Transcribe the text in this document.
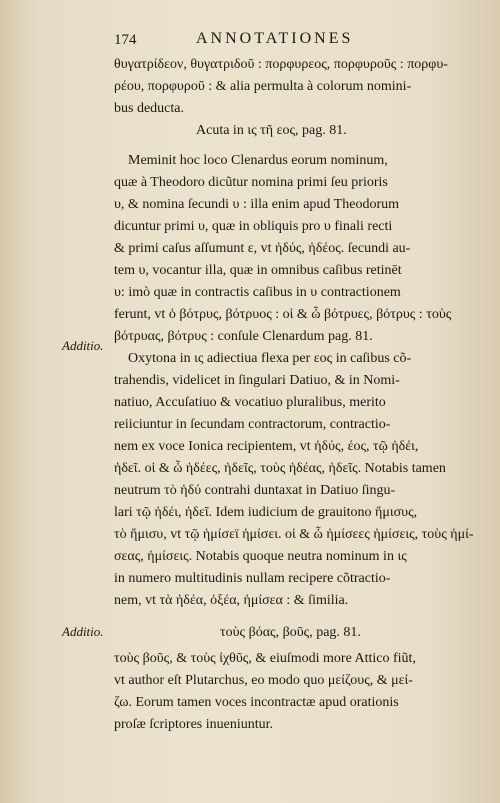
174	ANNOTATIONES
Additio.
Additio.
θυγατρίδεον, θυγατριδοῦ : πορφυρεος, πορφυροῦς : πορφυ-
ρέου, πορφυροῦ : & alia permulta à colorum nomini-
bus deducta.
Acuta in ις τῆ εος, pag. 81.
Meminit hoc loco Clenardus eorum nominum,
quæ à Theodoro dicũtur nomina primi ſeu prioris
υ, & nomina ſecundi υ : illa enim apud Theodorum
dicuntur primi υ, quæ in obliquis pro υ finali recti
& primi caſus aſſumunt ε, vt ἡδύς, ἡδέος. ſecundi au-
tem υ, vocantur illa, quæ in omnibus caſibus retinēt
υ: imò quæ in contractis caſibus in υ contractionem
ferunt, vt ὁ βότρυς, βότρυος : οἱ & ὦ βότρυες, βότρυς : τοὺς
βότρυας, βότρυς : conſule Clenardum pag. 81.
Oxytona in ις adiectiua flexa per εος in caſibus cõ-
trahendis, videlicet in ſingulari Datiuo, & in Nomi-
natiuo, Accuſatiuo & vocatiuo pluralibus, merito
reiiciuntur in ſecundam contractorum, contractio-
nem ex voce Ionica recipientem, vt ἡδύς, έος, τῷ ἡδέι,
ἡδεῖ. οἱ & ὦ ἡδέες, ἡδεῖς, τοὺς ἡδέας, ἡδεῖς. Notabis tamen
neutrum τὸ ἡδύ contrahi duntaxat in Datiuo ſingu-
lari τῷ ἡδέι, ἡδεῖ. Idem iudicium de grauitono ἥμισυς,
τὸ ἥμισυ, vt τῷ ἡμίσεϊ ἡμίσει. οἱ & ὦ ἡμίσεες ἡμίσεις, τοὺς ἡμί-
σεας, ἡμίσεις. Notabis quoque neutra nominum in ις
in numero multitudinis nullam recipere cõtractio-
nem, vt τὰ ἡδέα, ὀξέα, ἡμίσεα : & ſimilia.
τοὺς βόας, βοῦς, pag. 81.
τοὺς βοῦς, & τοὺς ἰχθῦς, & eiuſmodi more Attico fiũt,
vt author eſt Plutarchus, eo modo quo μείζους, & μεί-
ζω. Eorum tamen voces incontractæ apud orationis
proſæ ſcriptores inueniuntur.
